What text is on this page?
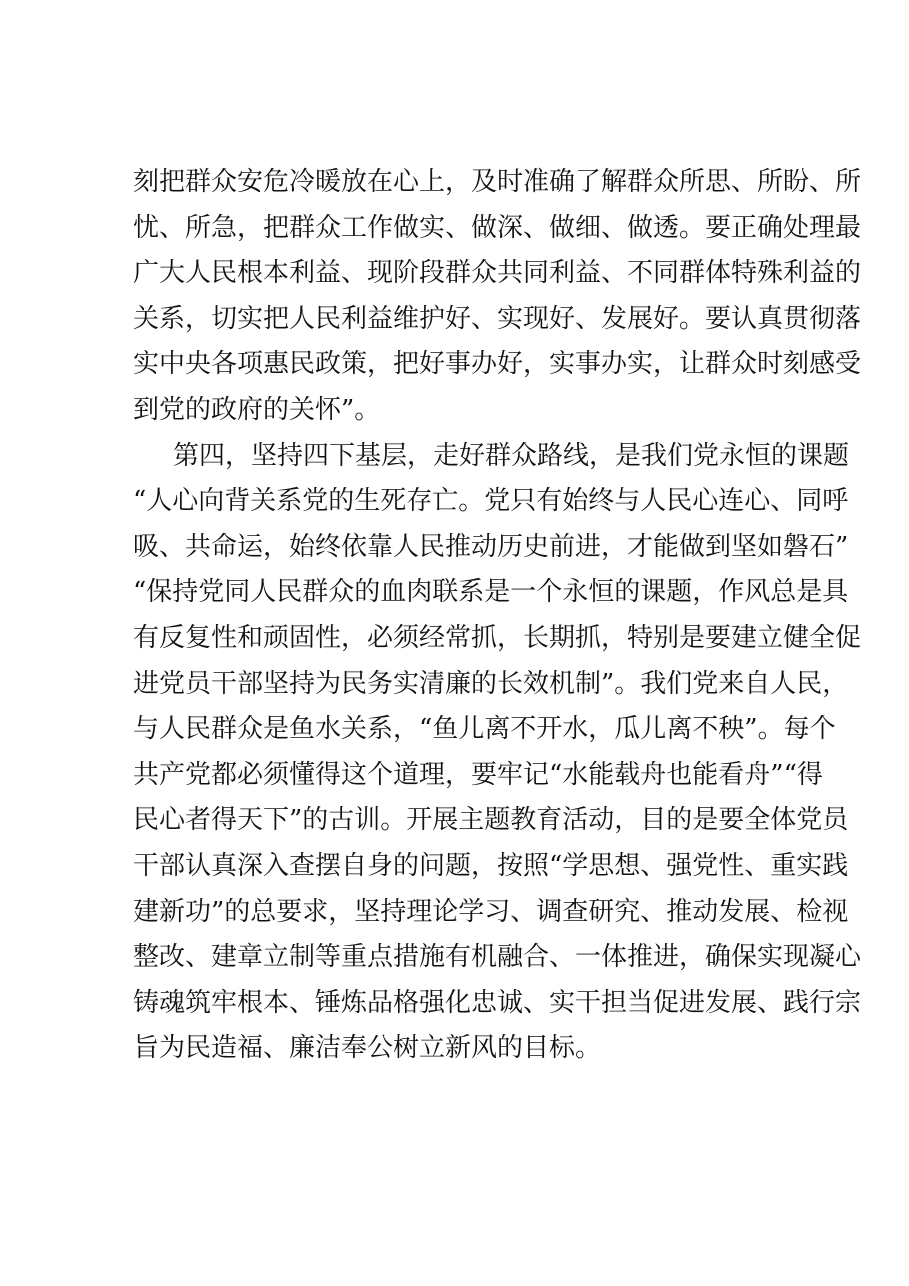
刻把群众安危冷暖放在心上，及时准确了解群众所思、所盼、所
忧、所急，把群众工作做实、做深、做细、做透。要正确处理最
广大人民根本利益、现阶段群众共同利益、不同群体特殊利益的
关系，切实把人民利益维护好、实现好、发展好。要认真贯彻落
实中央各项惠民政策，把好事办好，实事办实，让群众时刻感受
到党的政府的关怀”。
第四，坚持四下基层，走好群众路线，是我们党永恒的课题
“人心向背关系党的生死存亡。党只有始终与人民心连心、同呼
吸、共命运，始终依靠人民推动历史前进，才能做到坚如磐石”
“保持党同人民群众的血肉联系是一个永恒的课题，作风总是具
有反复性和顽固性，必须经常抓，长期抓，特别是要建立健全促
进党员干部坚持为民务实清廉的长效机制”。我们党来自人民，
与人民群众是鱼水关系，“鱼儿离不开水，瓜儿离不秧”。每个
共产党都必须懂得这个道理，要牢记“水能载舟也能看舟”“得
民心者得天下”的古训。开展主题教育活动，目的是要全体党员
干部认真深入查摆自身的问题，按照“学思想、强党性、重实践
建新功”的总要求，坚持理论学习、调查研究、推动发展、检视
整改、建章立制等重点措施有机融合、一体推进，确保实现凝心
铸魂筑牢根本、锤炼品格强化忠诚、实干担当促进发展、践行宗
旨为民造福、廉洁奉公树立新风的目标。
